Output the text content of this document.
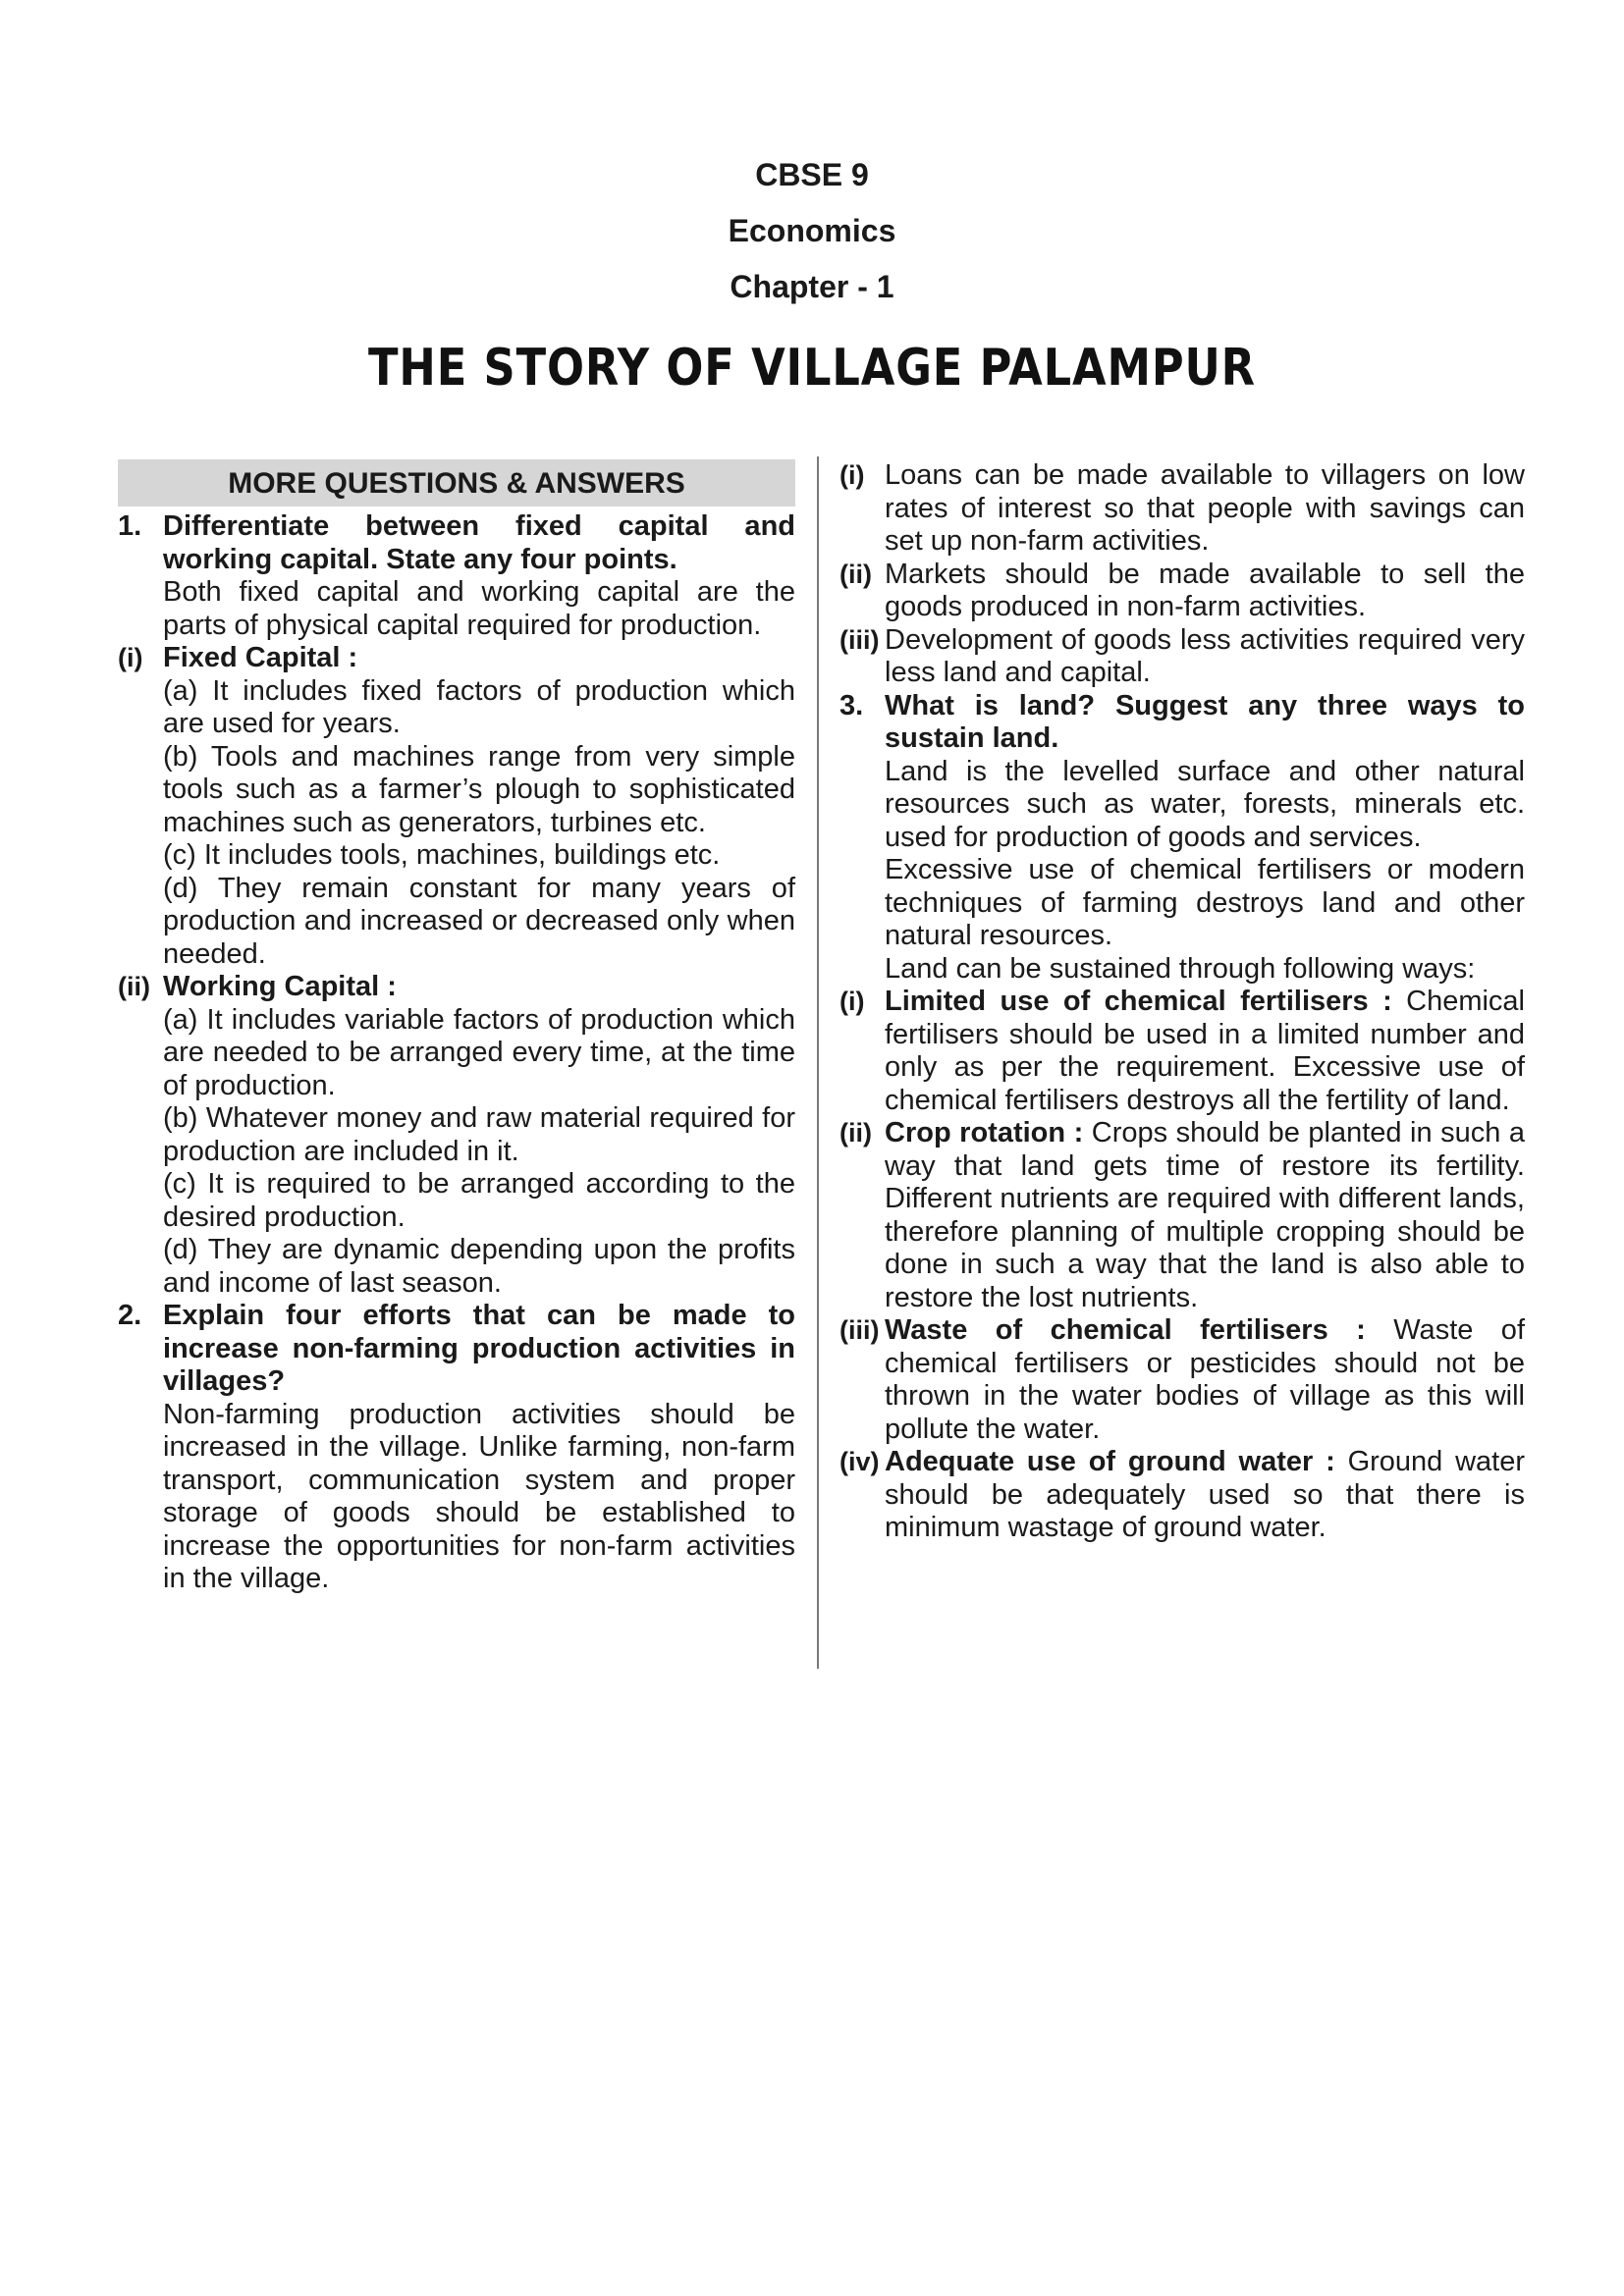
CBSE 9
Economics
Chapter - 1
THE STORY OF VILLAGE PALAMPUR
MORE QUESTIONS & ANSWERS
1. Differentiate between fixed capital and working capital. State any four points.
Both fixed capital and working capital are the parts of physical capital required for production.
(i) Fixed Capital :
(a) It includes fixed factors of production which are used for years.
(b) Tools and machines range from very simple tools such as a farmer’s plough to sophisticated machines such as generators, turbines etc.
(c) It includes tools, machines, buildings etc.
(d) They remain constant for many years of production and increased or decreased only when needed.
(ii) Working Capital :
(a) It includes variable factors of production which are needed to be arranged every time, at the time of production.
(b) Whatever money and raw material required for production are included in it.
(c) It is required to be arranged according to the desired production.
(d) They are dynamic depending upon the profits and income of last season.
2. Explain four efforts that can be made to increase non-farming production activities in villages?
Non-farming production activities should be increased in the village. Unlike farming, non-farm transport, communication system and proper storage of goods should be established to increase the opportunities for non-farm activities in the village.
(i) Loans can be made available to villagers on low rates of interest so that people with savings can set up non-farm activities.
(ii) Markets should be made available to sell the goods produced in non-farm activities.
(iii) Development of goods less activities required very less land and capital.
3. What is land? Suggest any three ways to sustain land.
Land is the levelled surface and other natural resources such as water, forests, minerals etc. used for production of goods and services.
Excessive use of chemical fertilisers or modern techniques of farming destroys land and other natural resources.
Land can be sustained through following ways:
(i) Limited use of chemical fertilisers : Chemical fertilisers should be used in a limited number and only as per the requirement. Excessive use of chemical fertilisers destroys all the fertility of land.
(ii) Crop rotation : Crops should be planted in such a way that land gets time of restore its fertility. Different nutrients are required with different lands, therefore planning of multiple cropping should be done in such a way that the land is also able to restore the lost nutrients.
(iii) Waste of chemical fertilisers : Waste of chemical fertilisers or pesticides should not be thrown in the water bodies of village as this will pollute the water.
(iv) Adequate use of ground water : Ground water should be adequately used so that there is minimum wastage of ground water.
